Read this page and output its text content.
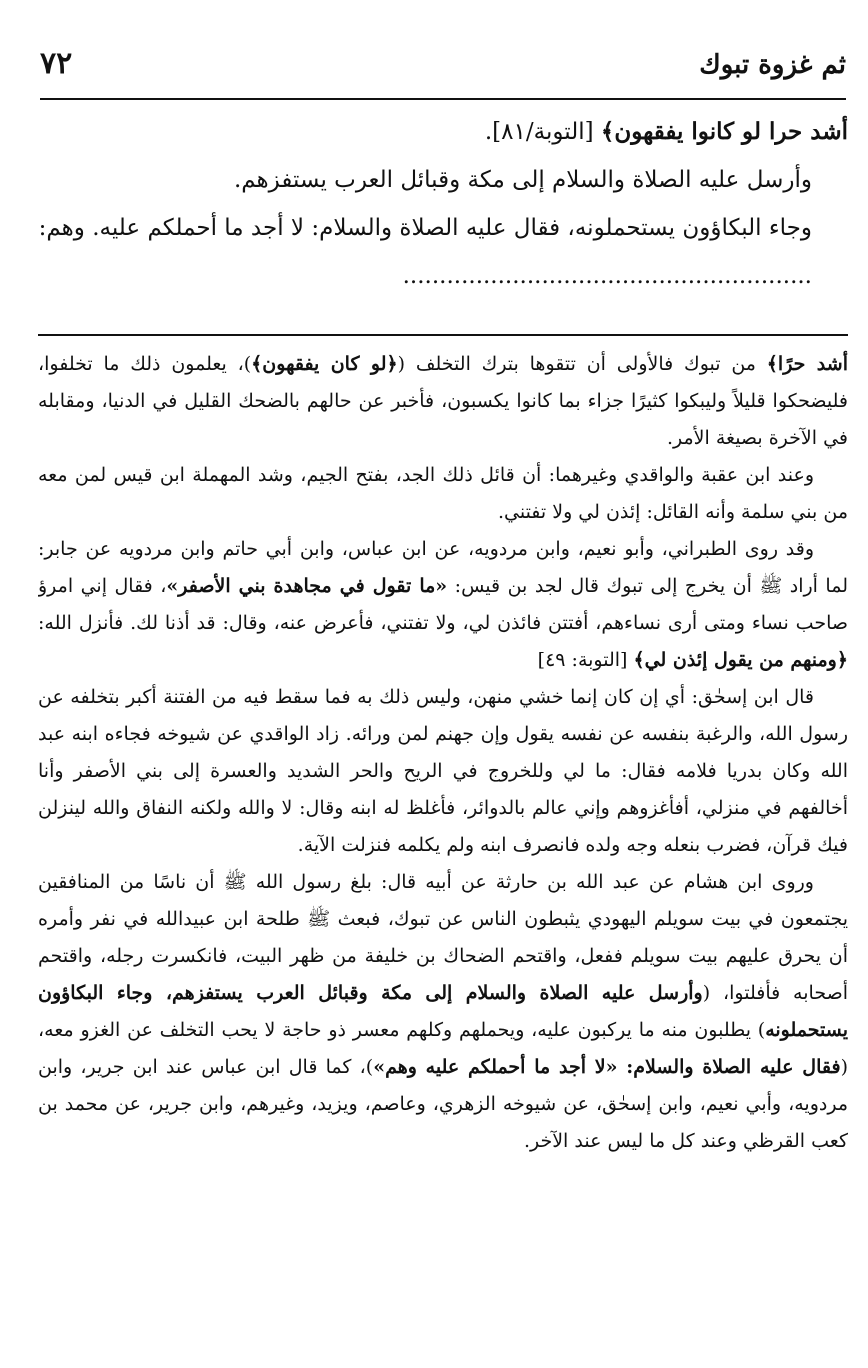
ثم غزوة تبوك
٧٢

أشد حرا لو كانوا يفقهون﴾ [التوبة/٨١].

وأرسل عليه الصلاة والسلام إلى مكة وقبائل العرب يستفزهم.

وجاء البكاؤون يستحملونه، فقال عليه الصلاة والسلام: لا أجد ما أحملكم عليه. وهم: ........................................................

أشد حرًا﴾ من تبوك فالأولى أن تتقوها بترك التخلف (﴿لو كان يفقهون﴾)، يعلمون ذلك ما تخلفوا، فليضحكوا قليلاً وليبكوا كثيرًا جزاء بما كانوا يكسبون، فأخبر عن حالهم بالضحك القليل في الدنيا، ومقابله في الآخرة بصيغة الأمر.

وعند ابن عقبة والواقدي وغيرهما: أن قائل ذلك الجد، بفتح الجيم، وشد المهملة ابن قيس لمن معه من بني سلمة وأنه القائل: إئذن لي ولا تفتني.

وقد روى الطبراني، وأبو نعيم، وابن مردويه، عن ابن عباس، وابن أبي حاتم وابن مردويه عن جابر: لما أراد ﷺ أن يخرج إلى تبوك قال لجد بن قيس: «ما تقول في مجاهدة بني الأصفر»، فقال إني امرؤ صاحب نساء ومتى أرى نساءهم، أفتتن فائذن لي، ولا تفتني، فأعرض عنه، وقال: قد أذنا لك. فأنزل الله: ﴿ومنهم من يقول إئذن لي﴾ [التوبة: ٤٩]

قال ابن إسحٰق: أي إن كان إنما خشي منهن، وليس ذلك به فما سقط فيه من الفتنة أكبر بتخلفه عن رسول الله، والرغبة بنفسه عن نفسه يقول وإن جهنم لمن ورائه. زاد الواقدي عن شيوخه فجاءه ابنه عبد الله وكان بدريا فلامه فقال: ما لي وللخروج في الريح والحر الشديد والعسرة إلى بني الأصفر وأنا أخالفهم في منزلي، أفأغزوهم وإني عالم بالدوائر، فأغلظ له ابنه وقال: لا والله ولكنه النفاق والله لينزلن فيك قرآن، فضرب بنعله وجه ولده فانصرف ابنه ولم يكلمه فنزلت الآية.

وروى ابن هشام عن عبد الله بن حارثة عن أبيه قال: بلغ رسول الله ﷺ أن ناسًا من المنافقين يجتمعون في بيت سويلم اليهودي يثبطون الناس عن تبوك، فبعث ﷺ طلحة ابن عبيدالله في نفر وأمره أن يحرق عليهم بيت سويلم ففعل، واقتحم الضحاك بن خليفة من ظهر البيت، فانكسرت رجله، واقتحم أصحابه فأفلتوا، (وأرسل عليه الصلاة والسلام إلى مكة وقبائل العرب يستفزهم، وجاء البكاؤون يستحملونه) يطلبون منه ما يركبون عليه، ويحملهم وكلهم معسر ذو حاجة لا يحب التخلف عن الغزو معه، (فقال عليه الصلاة والسلام: «لا أجد ما أحملكم عليه وهم»)، كما قال ابن عباس عند ابن جرير، وابن مردويه، وأبي نعيم، وابن إسحٰق، عن شيوخه الزهري، وعاصم، ويزيد، وغيرهم، وابن جرير، عن محمد بن كعب القرظي وعند كل ما ليس عند الآخر.
